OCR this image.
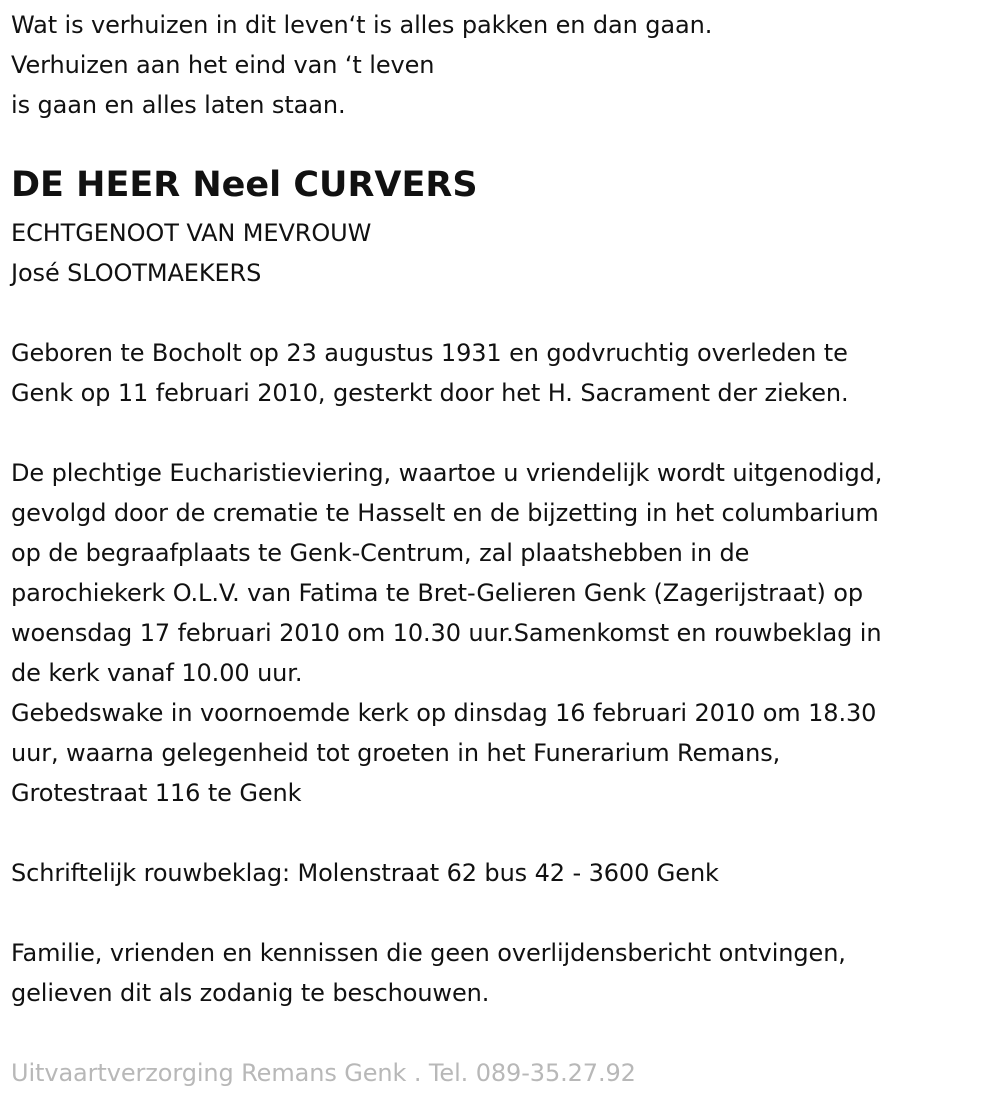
Wat is verhuizen in dit leven‘t is alles pakken en dan gaan.
Verhuizen aan het eind van ‘t leven
is gaan en alles laten staan.
DE HEER Neel CURVERS
ECHTGENOOT VAN MEVROUW
José SLOOTMAEKERS
Geboren te Bocholt op 23 augustus 1931 en godvruchtig overleden te
Genk op 11 februari 2010, gesterkt door het H. Sacrament der zieken.
De plechtige Eucharistieviering, waartoe u vriendelijk wordt uitgenodigd,
gevolgd door de crematie te Hasselt en de bijzetting in het columbarium
op de begraafplaats te Genk-Centrum, zal plaatshebben in de
parochiekerk O.L.V. van Fatima te Bret-Gelieren Genk (Zagerijstraat) op
woensdag 17 februari 2010 om 10.30 uur.Samenkomst en rouwbeklag in
de kerk vanaf 10.00 uur.
Gebedswake in voornoemde kerk op dinsdag 16 februari 2010 om 18.30
uur, waarna gelegenheid tot groeten in het Funerarium Remans,
Grotestraat 116 te Genk
Schriftelijk rouwbeklag: Molenstraat 62 bus 42 - 3600 Genk
Familie, vrienden en kennissen die geen overlijdensbericht ontvingen,
gelieven dit als zodanig te beschouwen.
Uitvaartverzorging Remans Genk . Tel. 089-35.27.92
